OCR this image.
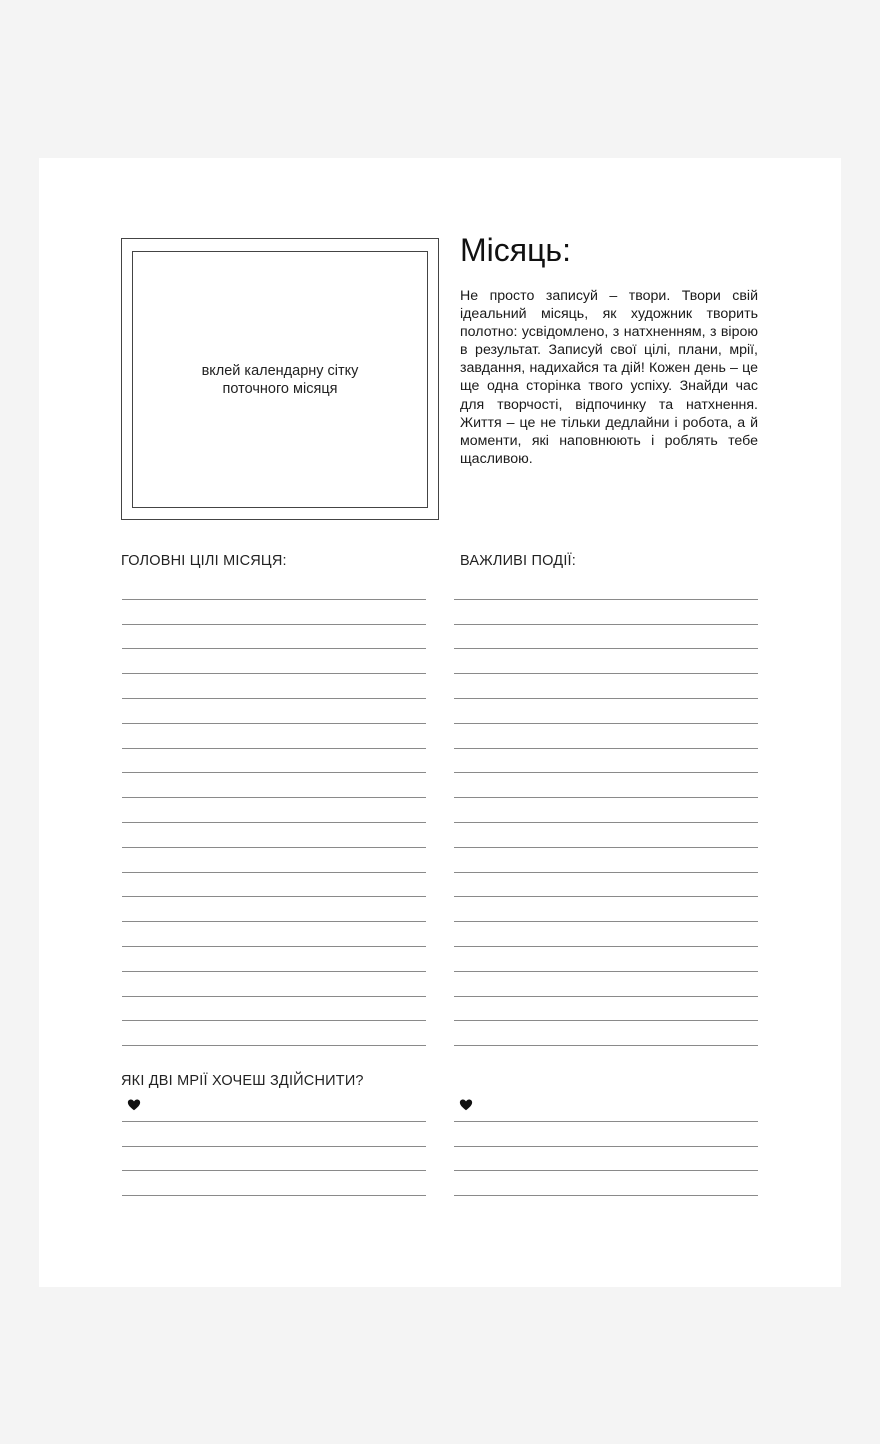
вклей календарну сітку поточного місяця
Місяць:

Не просто записуй – твори. Твори свій ідеальний місяць, як художник творить полотно: усвідомлено, з натхненням, з вірою в результат. Записуй свої цілі, плани, мрії, завдання, надихайся та дій! Кожен день – це ще одна сторінка твого успіху. Знайди час для творчості, відпочинку та натхнення. Життя – це не тільки дедлайни і робота, а й моменти, які наповнюють і роблять тебе щасливою.

ГОЛОВНІ ЦІЛІ МІСЯЦЯ:	ВАЖЛИВІ ПОДІЇ:
ЯКІ ДВІ МРІЇ ХОЧЕШ ЗДІЙСНИТИ?
